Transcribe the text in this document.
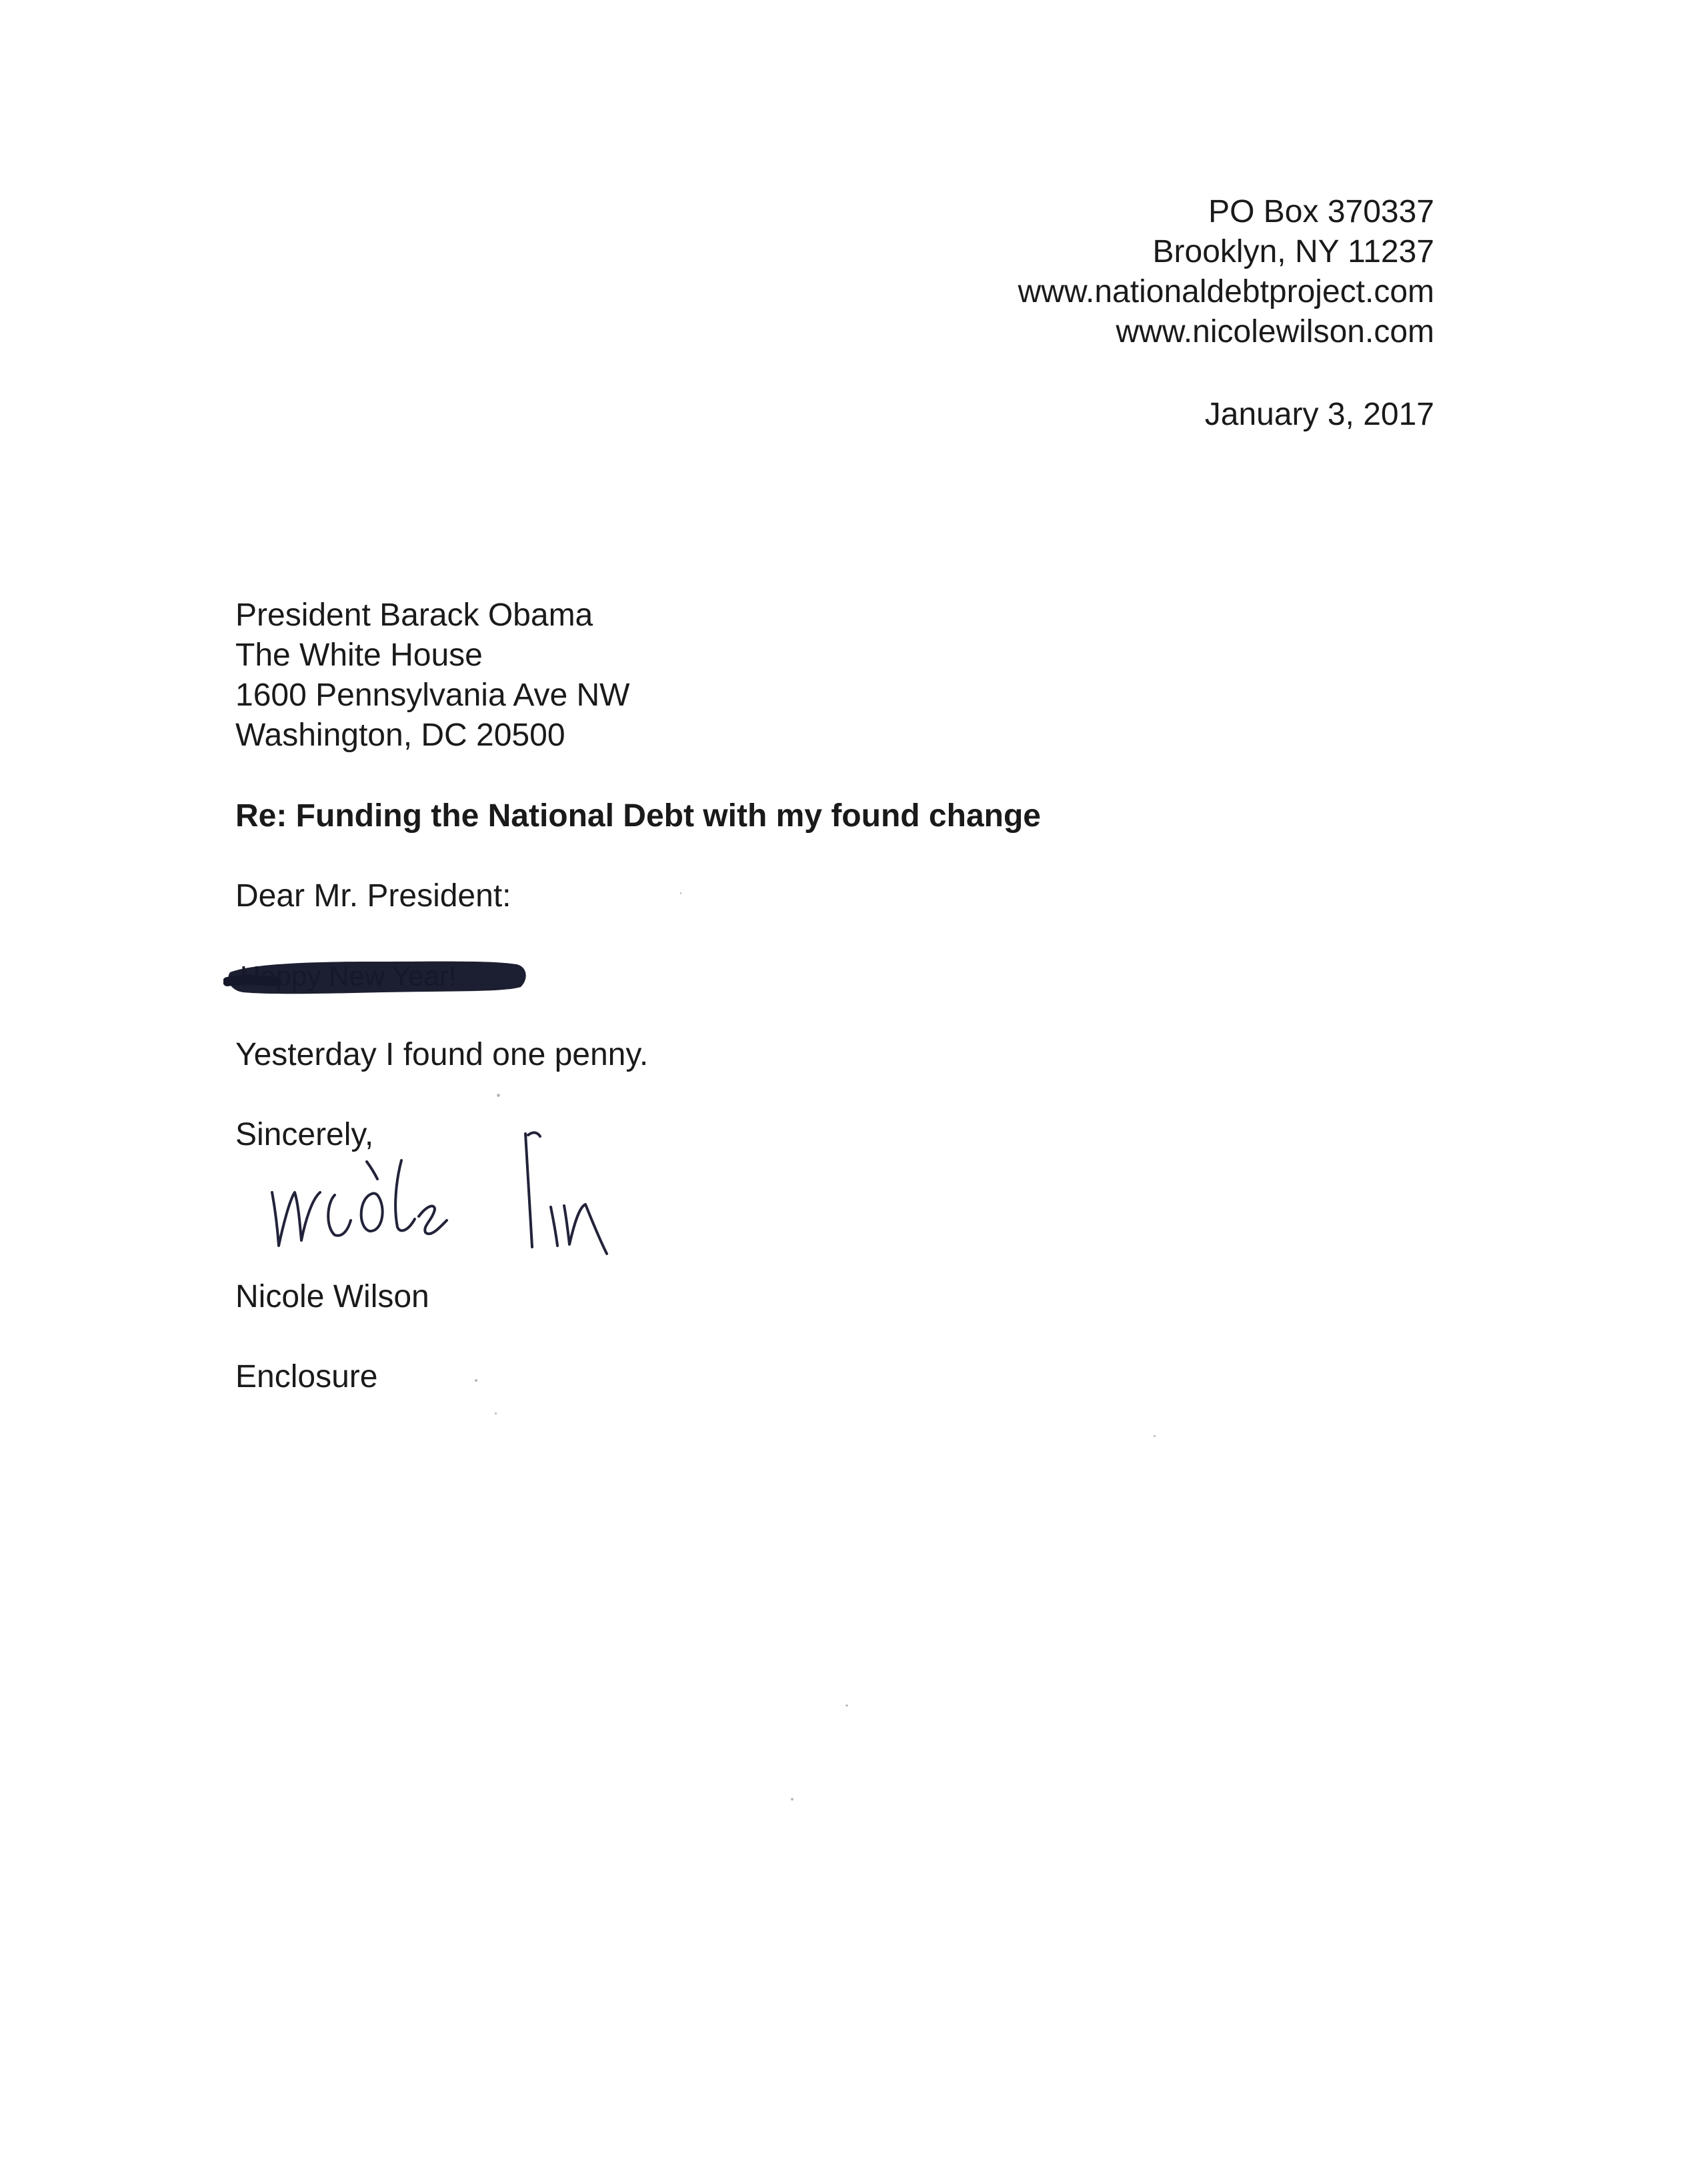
PO Box 370337
Brooklyn, NY 11237
www.nationaldebtproject.com
www.nicolewilson.com
January 3, 2017
President Barack Obama
The White House
1600 Pennsylvania Ave NW
Washington, DC 20500
Re: Funding the National Debt with my found change
Dear Mr. President:
Yesterday I found one penny.
Sincerely,
Nicole Wilson
Enclosure
